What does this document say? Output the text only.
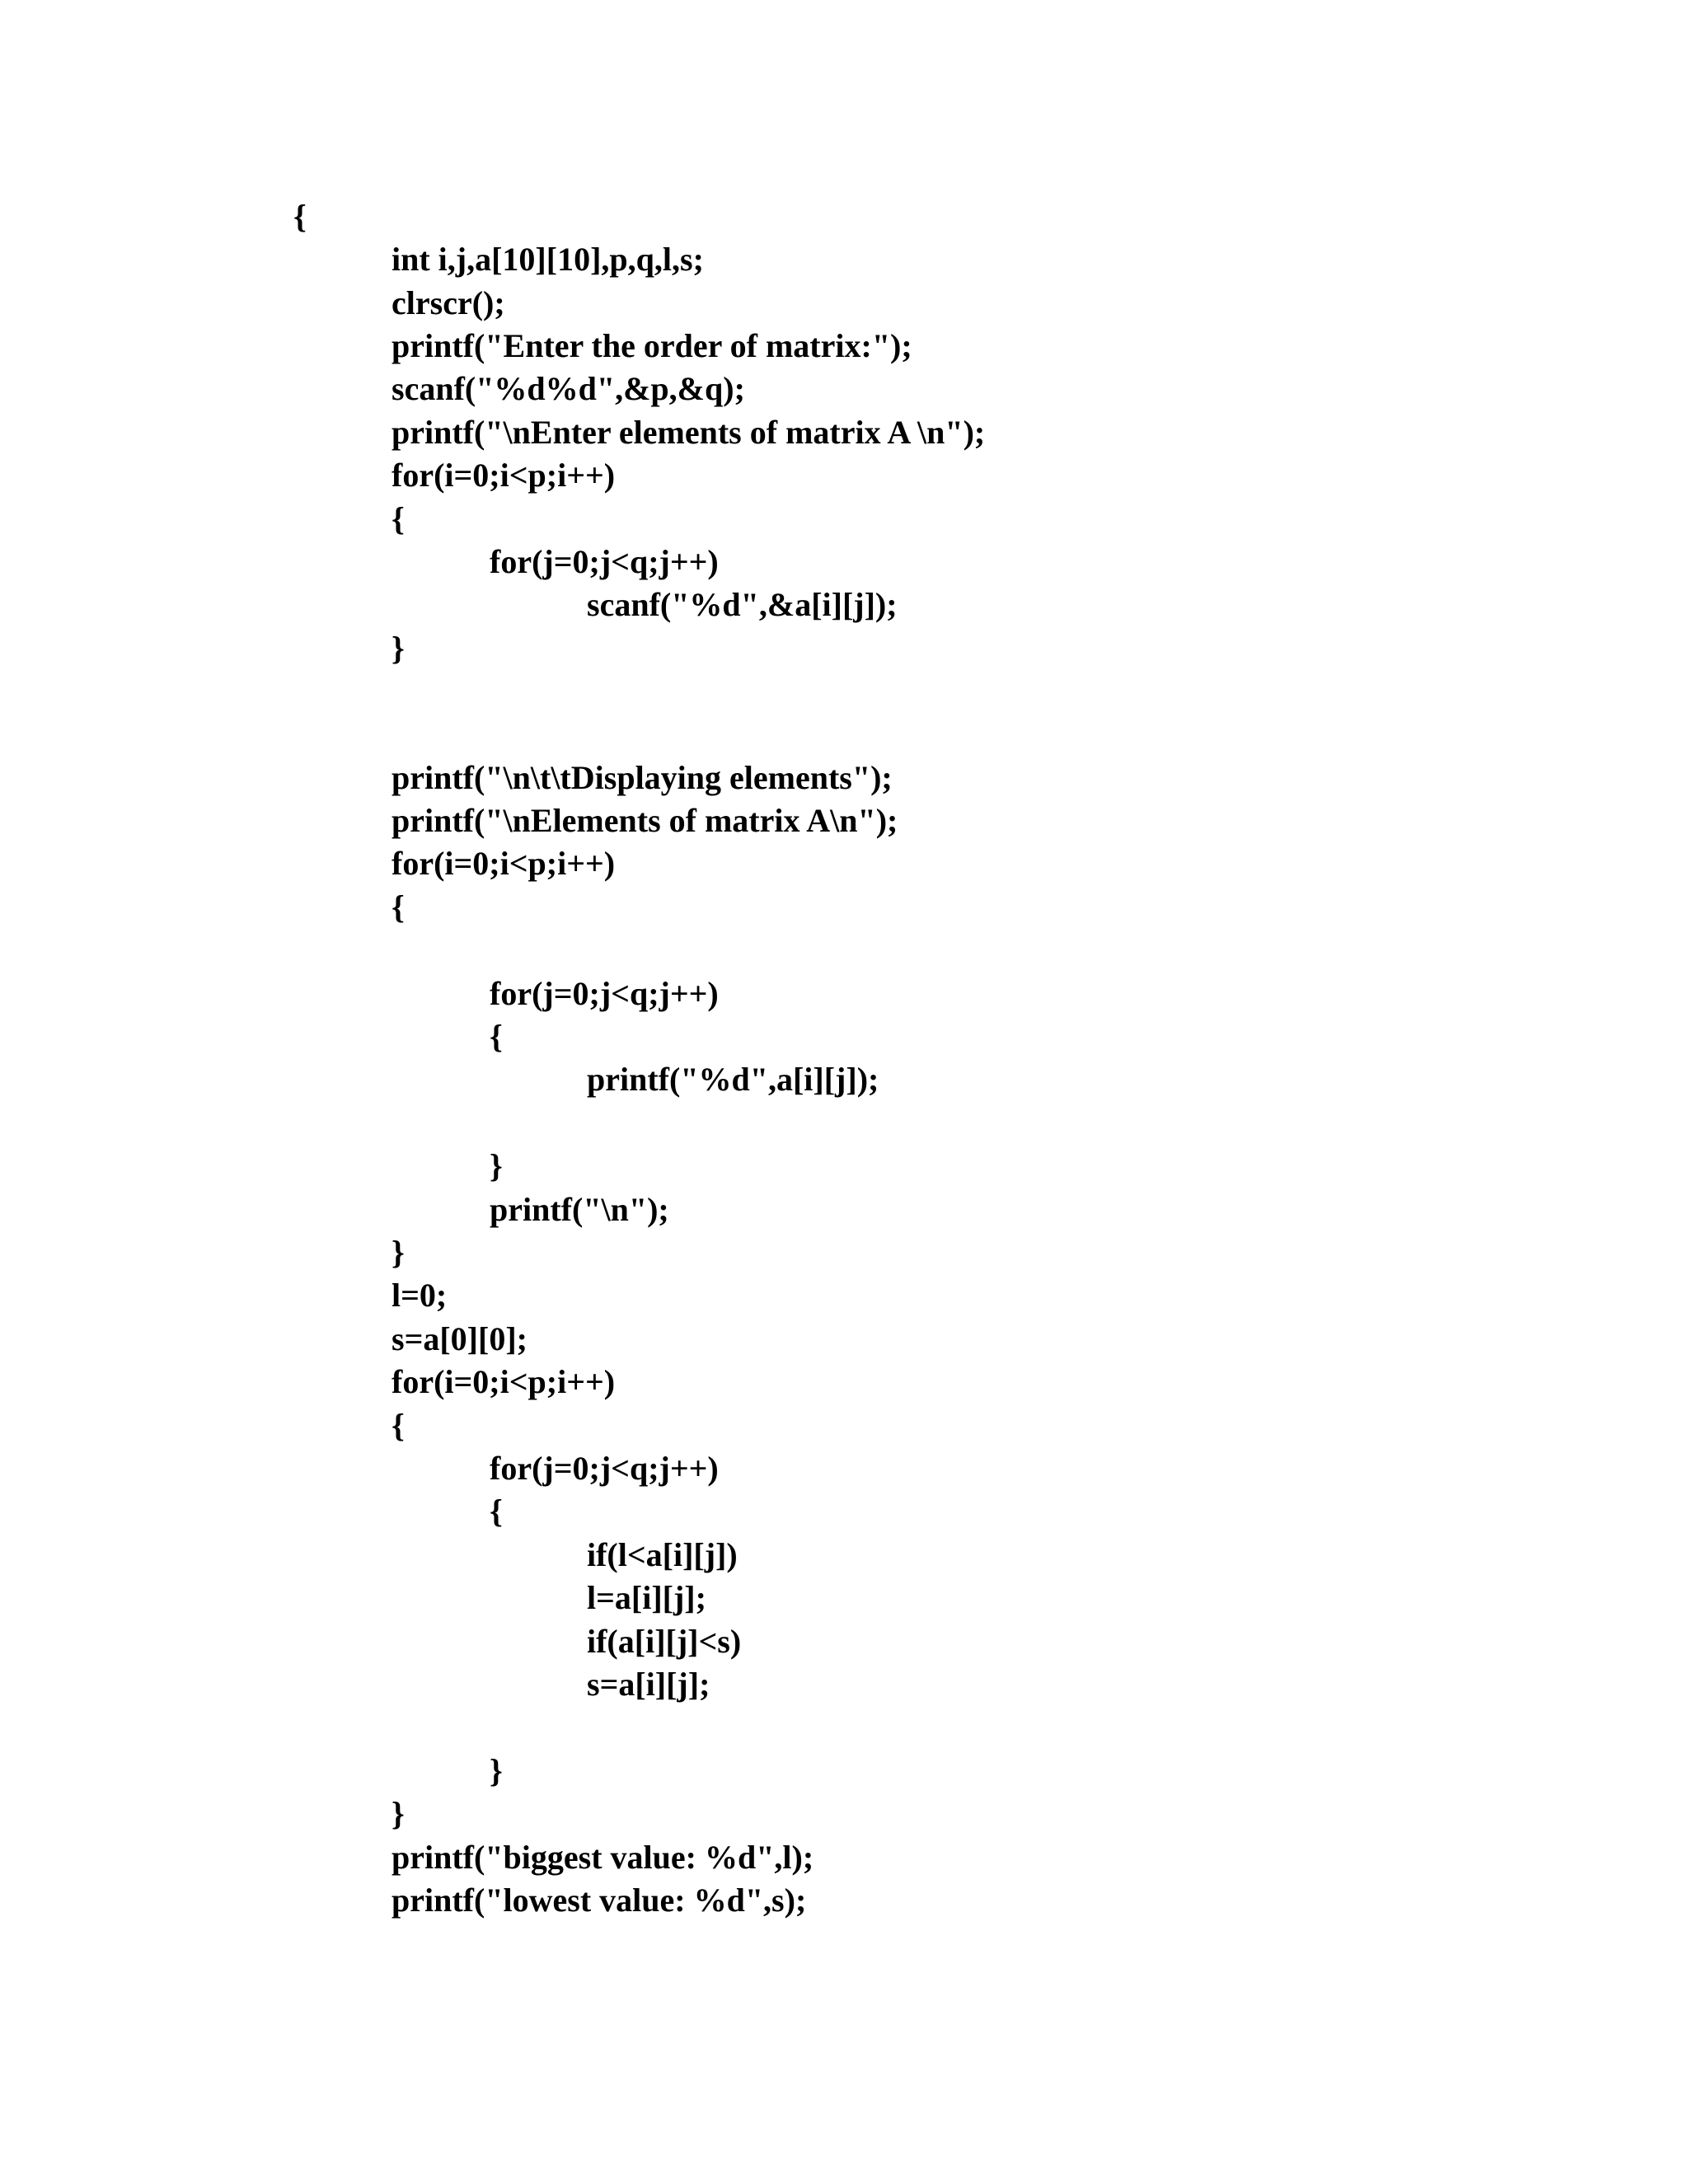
{
int i,j,a[10][10],p,q,l,s;
clrscr();
printf("Enter the order of matrix:");
scanf("%d%d",&p,&q);
printf("\nEnter elements of matrix A \n");
for(i=0;i<p;i++)
{
for(j=0;j<q;j++)
scanf("%d",&a[i][j]);
}
printf("\n\t\tDisplaying elements");
printf("\nElements of matrix A\n");
for(i=0;i<p;i++)
{
for(j=0;j<q;j++)
{
printf("%d",a[i][j]);
}
printf("\n");
}
l=0;
s=a[0][0];
for(i=0;i<p;i++)
{
for(j=0;j<q;j++)
{
if(l<a[i][j])
l=a[i][j];
if(a[i][j]<s)
s=a[i][j];
}
}
printf("biggest value: %d",l);
printf("lowest value: %d",s);
